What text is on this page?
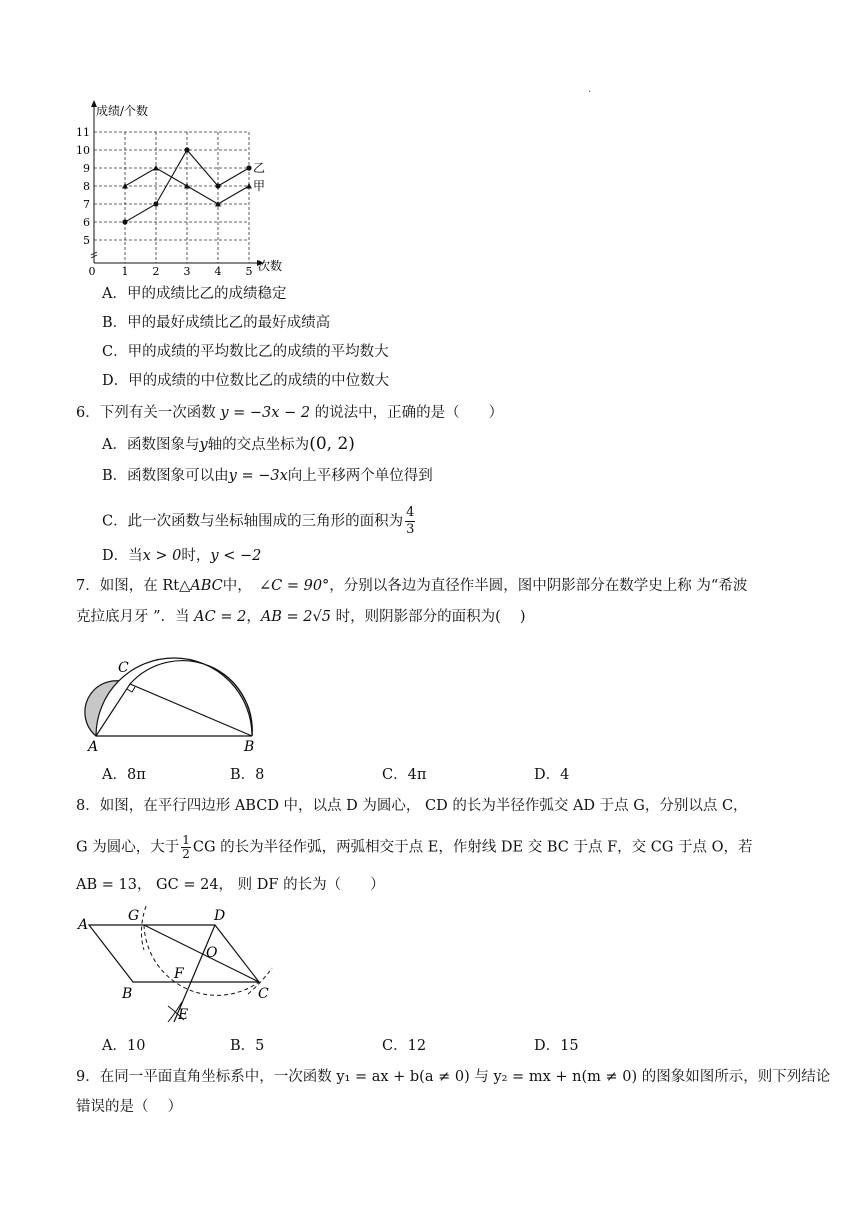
.
5
6
7
8
9
10
11
0 1 2 3 4 5
甲
乙
成绩/个数
次数
A．甲的成绩比乙的成绩稳定
B．甲的最好成绩比乙的最好成绩高
C．甲的成绩的平均数比乙的成绩的平均数大
D．甲的成绩的中位数比乙的成绩的中位数大
6．下列有关一次函数 y = −3x − 2 的说法中，正确的是（　　）
A．函数图象与y轴的交点坐标为(0, 2)
B．函数图象可以由y = −3x向上平移两个单位得到
C．此一次函数与坐标轴围成的三角形的面积为 $\frac{4}{3}$
D．当x > 0时，y < −2
7．如图，在 Rt△ABC中，　∠C = 90°，分别以各边为直径作半圆，图中阴影部分在数学史上称 为“希波
克拉底月牙 ”．当 AC = 2，AB = 2√5 时，则阴影部分的面积为(　 )
C
A	B
A．8π	B．8	C．4π	D．4
8．如图，在平行四边形 ABCD 中，以点 D 为圆心， CD 的长为半径作弧交 AD 于点 G，分别以点 C，
G 为圆心，大于 $\frac{1}{2}$ CG 的长为半径作弧，两弧相交于点 E，作射线 DE 交 BC 于点 F，交 CG 于点 O，若
AB = 13， GC = 24， 则 DF 的长为（　　）
A
G	D
O
F
B	C
E
A．10	B．5	C．12	D．15
9．在同一平面直角坐标系中，一次函数 y₁ = ax + b(a ≠ 0) 与 y₂ = mx + n(m ≠ 0) 的图象如图所示，则下列结论
错误的是（　 ）
